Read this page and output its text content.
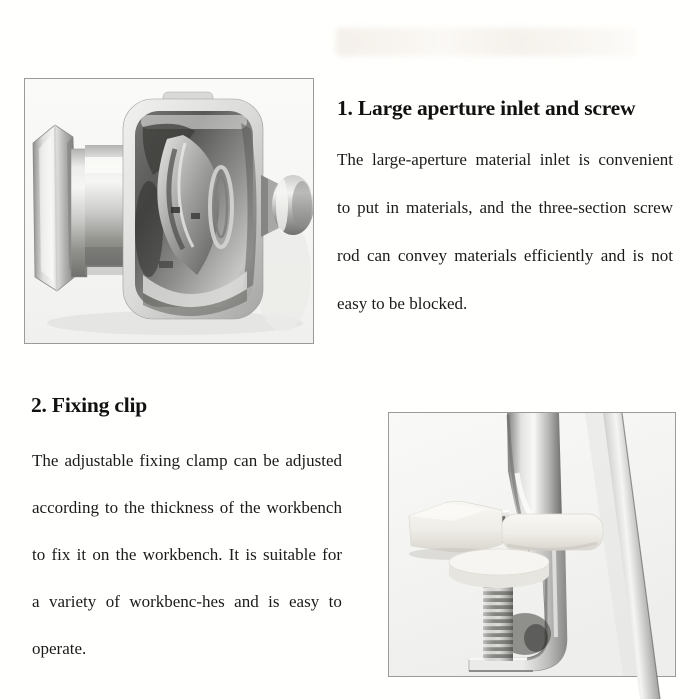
1. Large aperture inlet and screw
The large-aperture material inlet is convenient
to put in materials, and the three-section screw
rod can convey materials efficiently and is not
easy to be blocked.
2. Fixing clip
The adjustable fixing clamp can be adjusted
according to the thickness of the workbench
to fix it on the workbench. It is suitable for
a variety of workbenc-hes and is easy to
operate.
